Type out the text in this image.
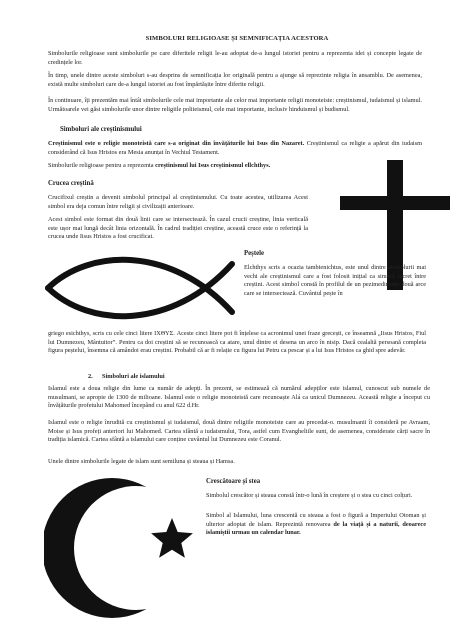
SIMBOLURI RELIGIOASE ȘI SEMNIFICAȚIA ACESTORA

Simbolurile religioase sunt simbolurile pe care diferitele religii le-au adoptat de-a lungul istoriei pentru a reprezenta idei și concepte legate de credințele lor.

În timp, unele dintre aceste simboluri s-au desprins de semnificația lor originală pentru a ajunge să reprezinte religia în ansamblu. De asemenea, există multe simboluri care de-a lungul istoriei au fost împărtășite între diferite religii.

În continuare, îți prezentăm mai întâi simbolurile cele mai importante ale celor mai importante religii monoteiste: creștinismul, iudaismul și islamul. Următoarele vei găsi simbolurile unor dintre religiile politeismul, cele mai importante, inclusiv hinduismul și budismul.

Simboluri ale creștinismului

Creștinismul este o religie monoteistă care s-a originat din învățăturile lui Isus din Nazaret. Creștinismul ca religie a apărut din iudaism considerând că Isus Hristos era Mesia anunțat în Vechiul Testament.

Simbolurile religioase pentru a reprezenta creștinismul lui Isus creștinismul ellchthys.

Crucea creștină

Crucifixul creștin a devenit simbolul principal al creștinismului. Cu toate acestea, utilizarea Acest simbol era deja comun între religii și civilizații anterioare.

Acest simbol este format din două linii care se intersectează. În cazul crucii creștine, linia verticală este ușor mai lungă decât linia orizontală. În cadrul tradiției creștine, această cruce este o referință la crucea unde Iisus Hristos a fost crucificat.

Peștele

Elchthys scris a ocazia tambienichtus, este unul dintre simbolurii mai vechi ale creștinismul care a fost folosit inițial ca simbol secret între creștini. Acest simbol constă în profilul de un pezimedinante două arce care se intersectează. Cuvântul pește în

griego esichthys, scris cu cele cinci litere ΙΧΘΥΣ. Aceste cinci litere pot fi înțelese ca acronimul unei fraze grecești, ce înseamnă „Iisus Hristos, Fiul lui Dumnezeu, Mântuitor”. Pentru ca doi creștini să se recunoască ca atare, unul dintre ei desena un arco în nisip. Dacă cealaltă persoană completa figura peștelui, însemna că amândoi erau creștini. Probabil că ar fi relație cu figura lui Petru ca pescar și a lui Isus Hristos ca ghid spre adevăr.

2.	Simboluri ale islamului

Islamul este a doua religie din lume ca număr de adepți. În prezent, se estimează că numărul adepților este islamul, cunoscut sub numele de musulmani, se apropie de 1300 de milioane. Islamul este o religie monoteistă care recunoaște Alá ca unicul Dumnezeu. Această religie a început cu învățăturile profetului Mahomed începând cu anul 622 d.Hr.

Islamul este o religie înrudită cu creștinismul și iudaismul, două dintre religiile monoteiste care au precedat-o. musulmanii îi consideră pe Avraam, Moise și Isus profeți anteriori lui Mahomed. Cartea sfântă a iudaismului, Tora, astfel cum Evangheliile sunt, de asemenea, considerate cărți sacre în tradiția islamică. Cartea sfântă a islamului care conține cuvântul lui Dumnezeu este Coranul.

Unele dintre simbolurile legate de islam sunt semiluna și steaua și Hamsa.

Crescătoare și stea

Simbolul crescător și steaua constă într-o lună în creștere și o stea cu cinci colțuri.

Simbol al Islamului, luna crescentă cu steaua a fost o figură a Imperiului Otoman și ulterior adoptat de islam. Reprezintă renovarea de la viață și a naturii, deoarece islamiștii urmau un calendar lunar.
